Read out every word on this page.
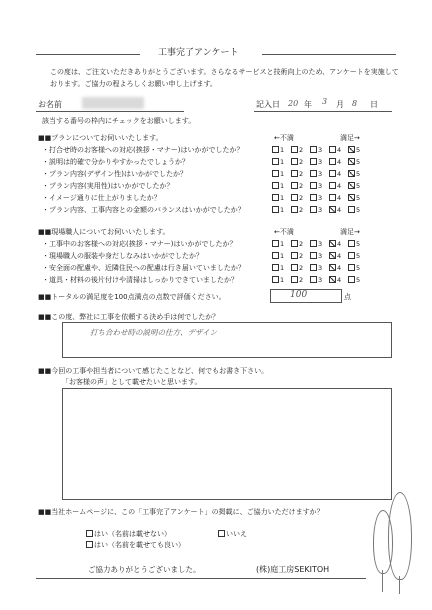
工事完了アンケート
この度は、ご注文いただきありがとうございます。さらなるサービスと技術向上のため、アンケートを実施して
おります。ご協力の程よろしくお願い申し上げます。
お名前	記入日 20 年 3 月 8 日
該当する番号の枠内にチェックをお願いします。
■■プランについてお伺いいたします。	←不満	満足→
・打合せ時のお客様への対応(挨拶・マナー)はいかがでしたか？	1 2 3 4 5
・説明は的確で分かりやすかったでしょうか？	1 2 3 4 5
・プラン内容(デザイン性)はいかがでしたか？	1 2 3 4 5
・プラン内容(実用性)はいかがでしたか？	1 2 3 4 5
・イメージ通りに仕上がりましたか？	1 2 3 4 5
・プラン内容、工事内容との金額のバランスはいかがでしたか？	1 2 3 4 5
■■現場職人についてお伺いいたします。	←不満	満足→
・工事中のお客様への対応(挨拶・マナー)はいかがでしたか？	1 2 3 4 5
・現場職人の服装や身だしなみはいかがでしたか？	1 2 3 4 5
・安全面の配慮や、近隣住民への配慮は行き届いていましたか？	1 2 3 4 5
・道具・材料の後片付けや清掃はしっかりできていましたか？	1 2 3 4 5
■■トータルの満足度を100点満点の点数で評価ください。	100	点
■■この度、弊社に工事を依頼する決め手は何でしたか？
打ち合わせ時の説明の仕方、デザイン
■■今回の工事や担当者について感じたことなど、何でもお書き下さい。
「お客様の声」として載せたいと思います。
■■当社ホームページに、この「工事完了アンケート」の掲載に、ご協力いただけますか？
はい（名前は載せない）	いいえ
はい（名前を載せても良い）
ご協力ありがとうございました。	(株)庭工房SEKITOH
